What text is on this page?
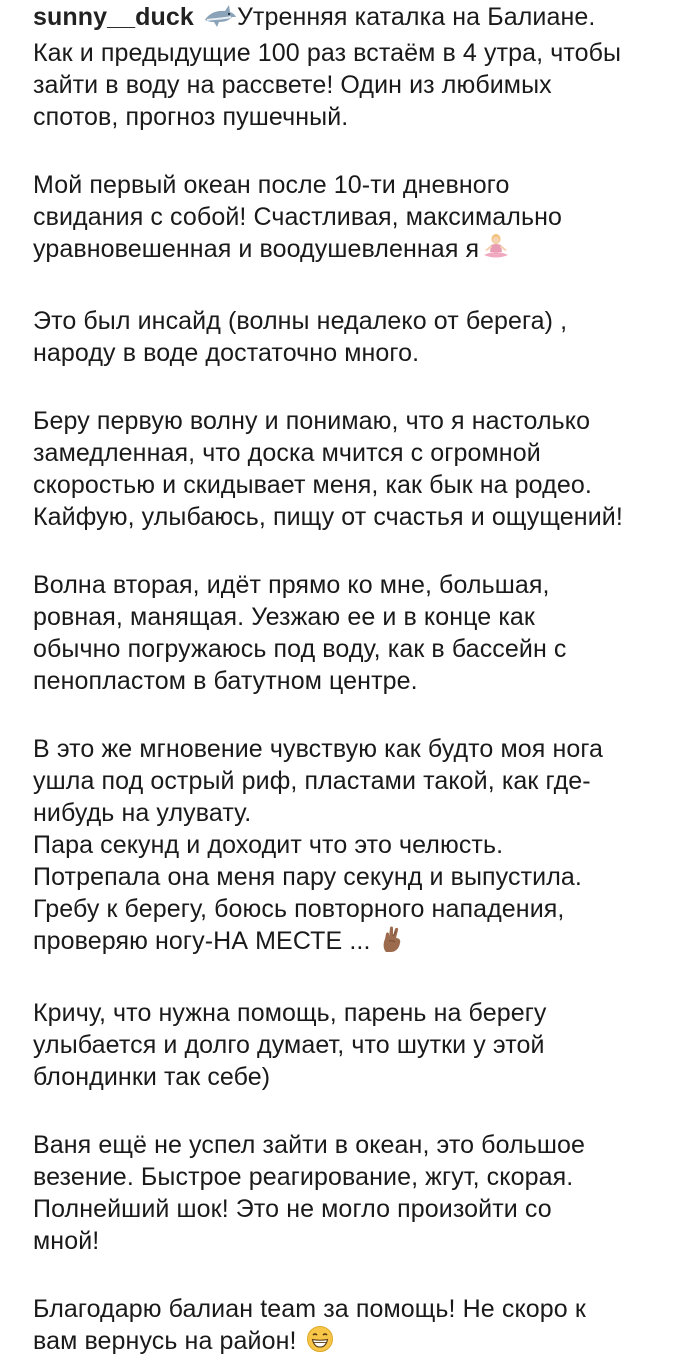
sunny__duck Утренняя каталка на Балиане.
Как и предыдущие 100 раз встаём в 4 утра, чтобы
зайти в воду на рассвете! Один из любимых
спотов, прогноз пушечный.
Мой первый океан после 10-ти дневного
свидания с собой! Счастливая, максимально
уравновешенная и воодушевленная я
Это был инсайд (волны недалеко от берега) ,
народу в воде достаточно много.
Беру первую волну и понимаю, что я настолько
замедленная, что доска мчится с огромной
скоростью и скидывает меня, как бык на родео.
Кайфую, улыбаюсь, пищу от счастья и ощущений!
Волна вторая, идёт прямо ко мне, большая,
ровная, манящая. Уезжаю ее и в конце как
обычно погружаюсь под воду, как в бассейн с
пенопластом в батутном центре.
В это же мгновение чувствую как будто моя нога
ушла под острый риф, пластами такой, как где-
нибудь на улувату.
Пара секунд и доходит что это челюсть.
Потрепала она меня пару секунд и выпустила.
Гребу к берегу, боюсь повторного нападения,
проверяю ногу-НА МЕСТЕ ...
Кричу, что нужна помощь, парень на берегу
улыбается и долго думает, что шутки у этой
блондинки так себе)
Ваня ещё не успел зайти в океан, это большое
везение. Быстрое реагирование, жгут, скорая.
Полнейший шок! Это не могло произойти со
мной!
Благодарю балиан team за помощь! Не скоро к
вам вернусь на район!
